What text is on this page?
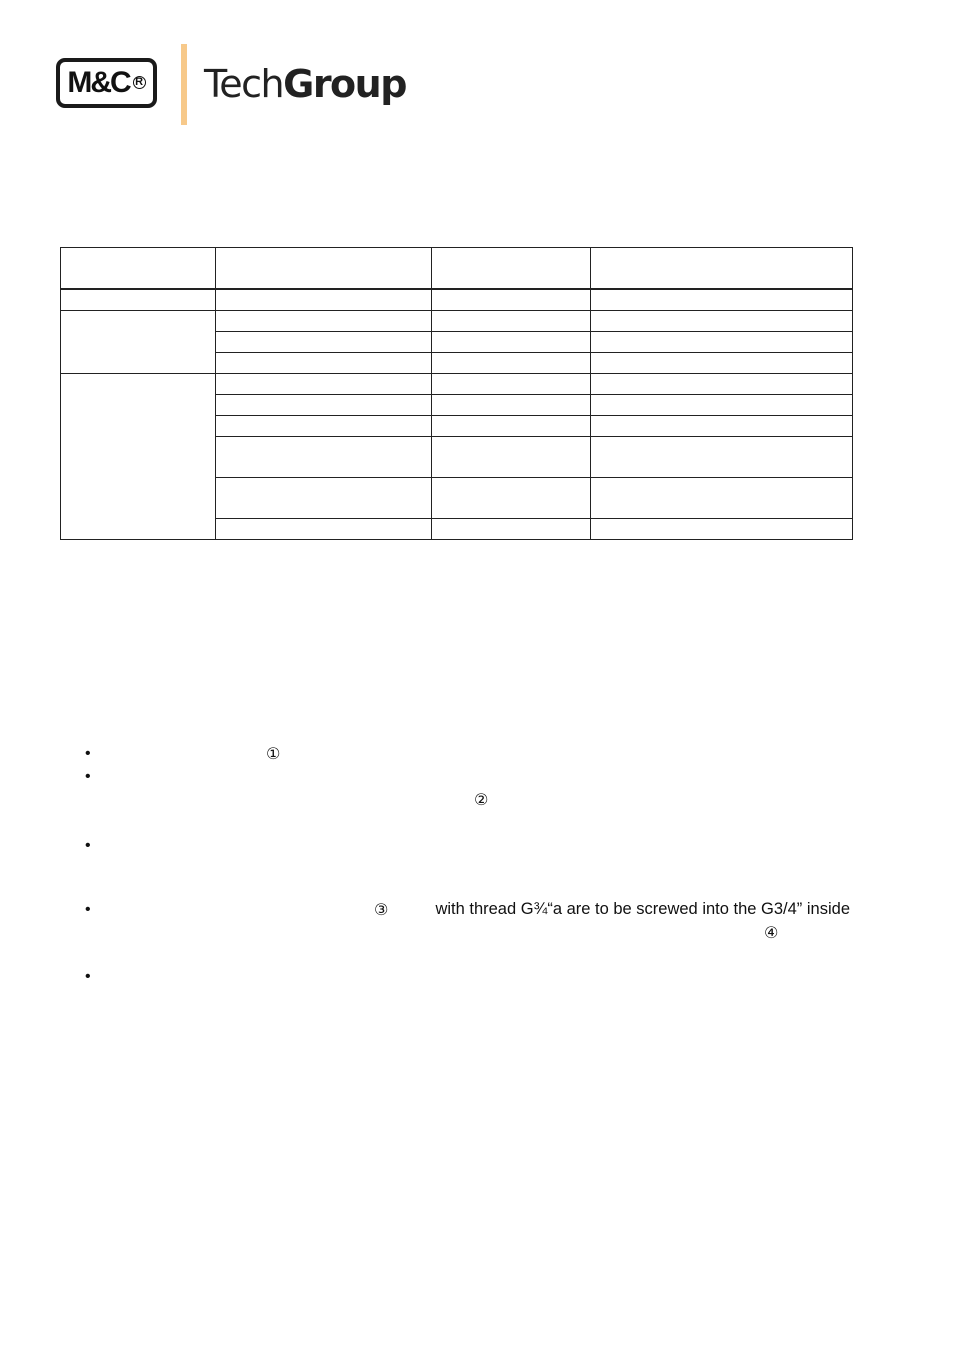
M&C R TechGroup

•	①
•
②
•
•	③	with thread G¾“a are to be screwed into the G3/4” inside
④
•
